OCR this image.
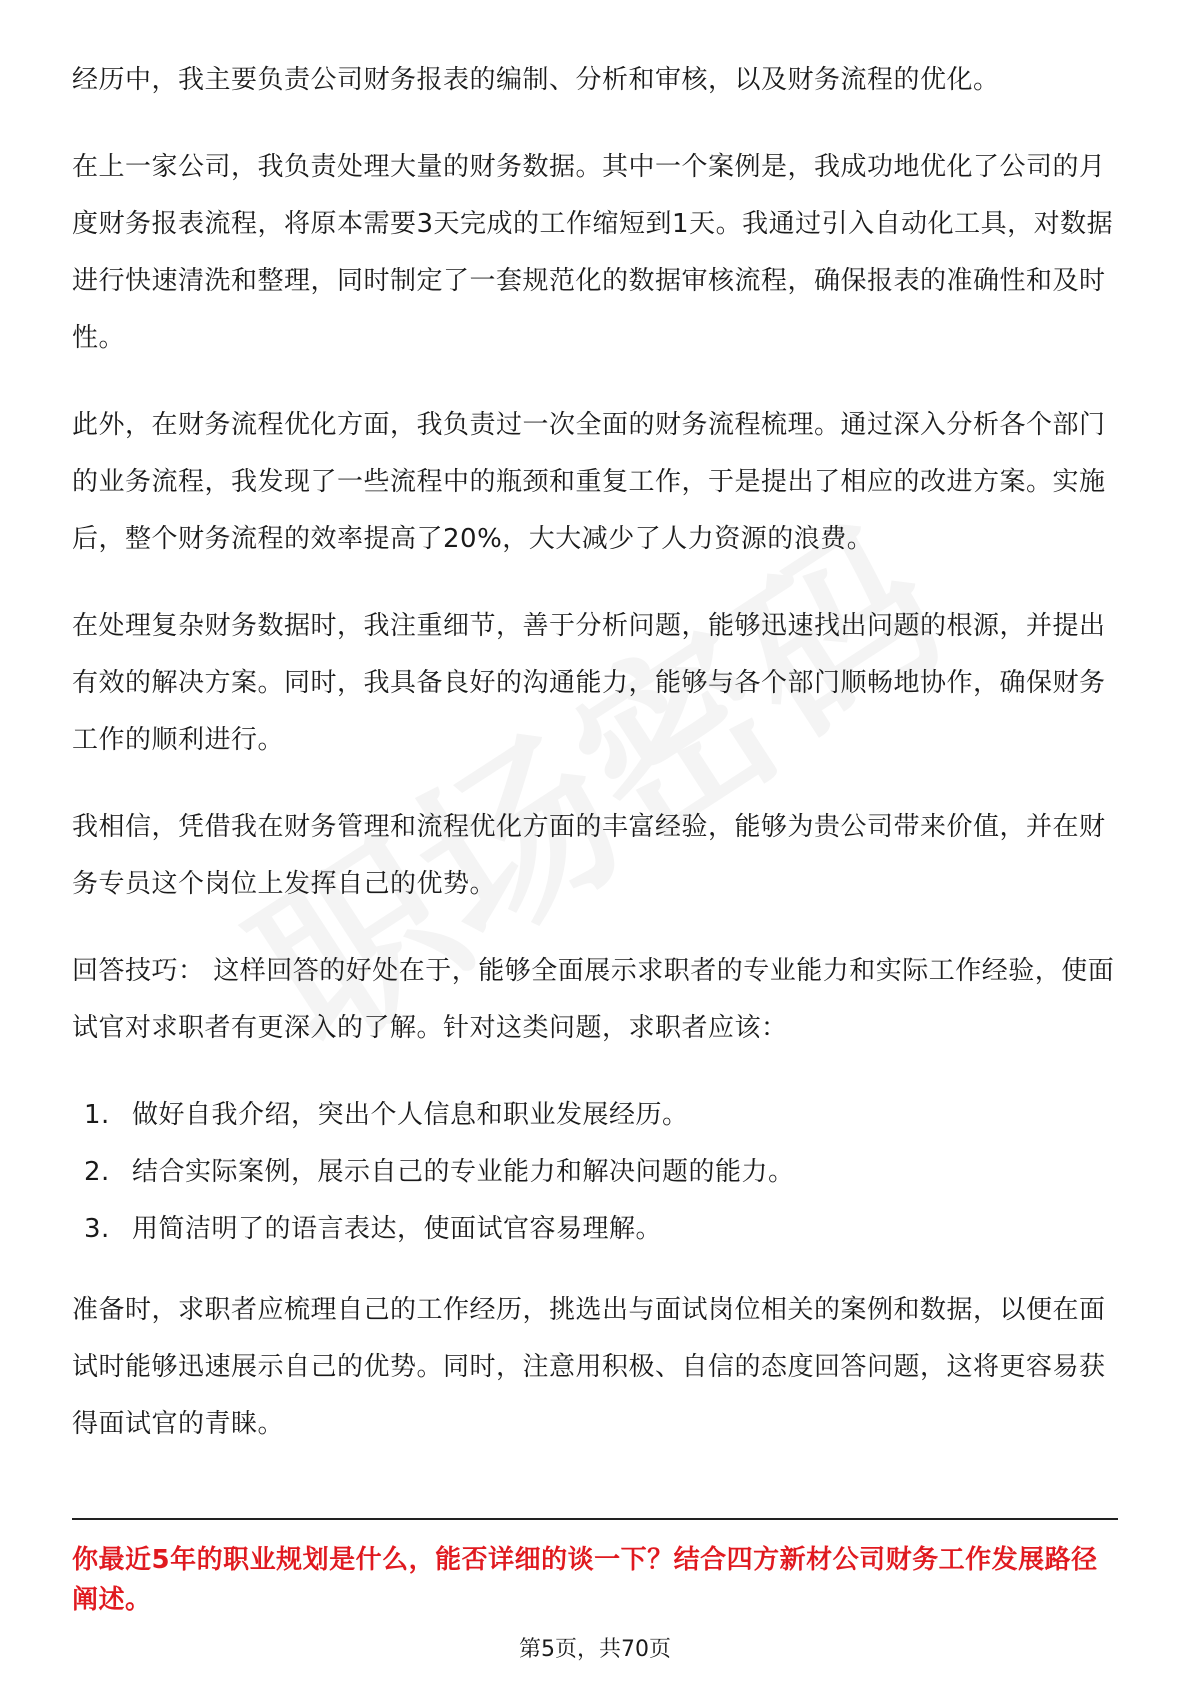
经历中，我主要负责公司财务报表的编制、分析和审核，以及财务流程的优化。

在上一家公司，我负责处理大量的财务数据。其中一个案例是，我成功地优化了公司的月度财务报表流程，将原本需要3天完成的工作缩短到1天。我通过引入自动化工具，对数据进行快速清洗和整理，同时制定了一套规范化的数据审核流程，确保报表的准确性和及时性。

此外，在财务流程优化方面，我负责过一次全面的财务流程梳理。通过深入分析各个部门的业务流程，我发现了一些流程中的瓶颈和重复工作，于是提出了相应的改进方案。实施后，整个财务流程的效率提高了20%，大大减少了人力资源的浪费。

在处理复杂财务数据时，我注重细节，善于分析问题，能够迅速找出问题的根源，并提出有效的解决方案。同时，我具备良好的沟通能力，能够与各个部门顺畅地协作，确保财务工作的顺利进行。

我相信，凭借我在财务管理和流程优化方面的丰富经验，能够为贵公司带来价值，并在财务专员这个岗位上发挥自己的优势。

回答技巧： 这样回答的好处在于，能够全面展示求职者的专业能力和实际工作经验，使面试官对求职者有更深入的了解。针对这类问题，求职者应该：

1. 做好自我介绍，突出个人信息和职业发展经历。
2. 结合实际案例，展示自己的专业能力和解决问题的能力。
3. 用简洁明了的语言表达，使面试官容易理解。

准备时，求职者应梳理自己的工作经历，挑选出与面试岗位相关的案例和数据，以便在面试时能够迅速展示自己的优势。同时，注意用积极、自信的态度回答问题，这将更容易获得面试官的青睐。

你最近5年的职业规划是什么，能否详细的谈一下？结合四方新材公司财务工作发展路径阐述。
第5页，共70页
